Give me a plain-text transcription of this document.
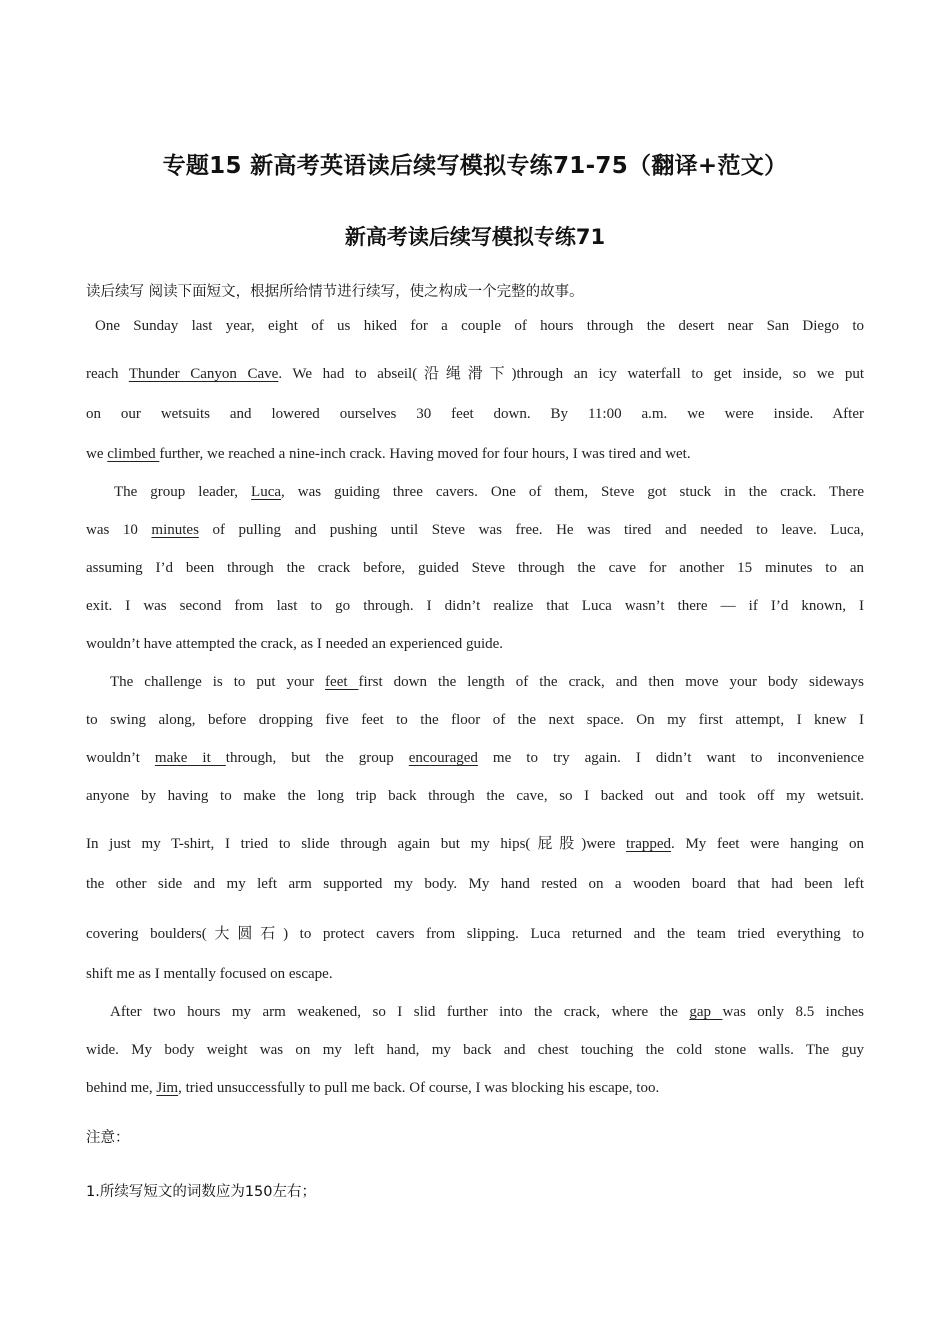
专题15 新高考英语读后续写模拟专练71-75（翻译+范文）
新高考读后续写模拟专练71

读后续写 阅读下面短文，根据所给情节进行续写，使之构成一个完整的故事。

One Sunday last year, eight of us hiked for a couple of hours through the desert near San Diego to
reach Thunder Canyon Cave. We had to abseil(沿绳滑下)through an icy waterfall to get inside, so we put
on our wetsuits and lowered ourselves 30 feet down. By 11:00 a.m. we were inside. After
we climbed further, we reached a nine-inch crack. Having moved for four hours, I was tired and wet.
The group leader, Luca, was guiding three cavers. One of them, Steve got stuck in the crack. There
was 10 minutes of pulling and pushing until Steve was free. He was tired and needed to leave. Luca,
assuming I’d been through the crack before, guided Steve through the cave for another 15 minutes to an
exit. I was second from last to go through. I didn’t realize that Luca wasn’t there — if I’d known, I
wouldn’t have attempted the crack, as I needed an experienced guide.
The challenge is to put your feet first down the length of the crack, and then move your body sideways
to swing along, before dropping five feet to the floor of the next space. On my first attempt, I knew I
wouldn’t make it through, but the group encouraged me to try again. I didn’t want to inconvenience
anyone by having to make the long trip back through the cave, so I backed out and took off my wetsuit.
In just my T-shirt, I tried to slide through again but my hips(屁股)were trapped. My feet were hanging on
the other side and my left arm supported my body. My hand rested on a wooden board that had been left
covering boulders(大圆石) to protect cavers from slipping. Luca returned and the team tried everything to
shift me as I mentally focused on escape.
After two hours my arm weakened, so I slid further into the crack, where the gap was only 8.5 inches
wide. My body weight was on my left hand, my back and chest touching the cold stone walls. The guy
behind me, Jim, tried unsuccessfully to pull me back. Of course, I was blocking his escape, too.

注意：

1.所续写短文的词数应为150左右；
